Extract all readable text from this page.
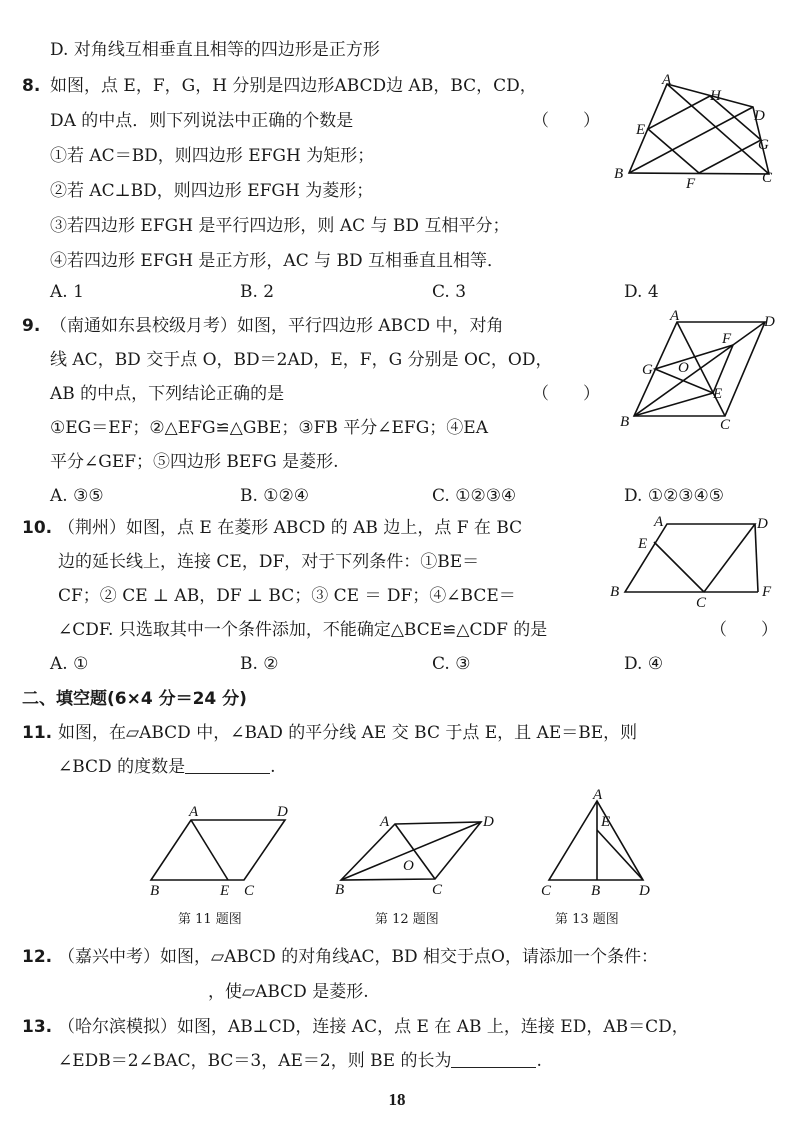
D. 对角线互相垂直且相等的四边形是正方形
8. 如图，点 E，F，G，H 分别是四边形ABCD边 AB，BC，CD，
DA 的中点．则下列说法中正确的个数是	（　　）
①若 AC＝BD，则四边形 EFGH 为矩形；
②若 AC⊥BD，则四边形 EFGH 为菱形；
③若四边形 EFGH 是平行四边形，则 AC 与 BD 互相平分；
④若四边形 EFGH 是正方形，AC 与 BD 互相垂直且相等．
A. 1	B. 2	C. 3	D. 4
A
H
D
E
G
B
F	C
9. （南通如东县校级月考）如图，平行四边形 ABCD 中，对角
线 AC，BD 交于点 O，BD＝2AD，E，F，G 分别是 OC，OD，
AB 的中点，下列结论正确的是	（　　）
①EG＝EF；②△EFG≌△GBE；③FB 平分∠EFG；④EA
平分∠GEF；⑤四边形 BEFG 是菱形.
A. ③⑤	B. ①②④	C. ①②③④	D. ①②③④⑤
A	D
F
G O
E
B	C
10. （荆州）如图，点 E 在菱形 ABCD 的 AB 边上，点 F 在 BC
边的延长线上，连接 CE，DF，对于下列条件：①BE＝
CF；② CE ⊥ AB，DF ⊥ BC；③ CE ＝ DF；④∠BCE＝
∠CDF. 只选取其中一个条件添加，不能确定△BCE≌△CDF 的是	（　　）
A. ①	B. ②	C. ③	D. ④
A	D
E
B
C
F
二、填空题(6×4 分＝24 分)
11. 如图，在▱ABCD 中，∠BAD 的平分线 AE 交 BC 于点 E，且 AE＝BE，则
∠BCD 的度数是	.
A	D
B	E C
第 11 题图
A	D
O
B	C
第 12 题图
A
E
C	B	D
第 13 题图
12. （嘉兴中考）如图，▱ABCD 的对角线AC，BD 相交于点O，请添加一个条件：
，使▱ABCD 是菱形.
13. （哈尔滨模拟）如图，AB⊥CD，连接 AC，点 E 在 AB 上，连接 ED，AB＝CD，
∠EDB＝2∠BAC，BC＝3，AE＝2，则 BE 的长为	.
18
